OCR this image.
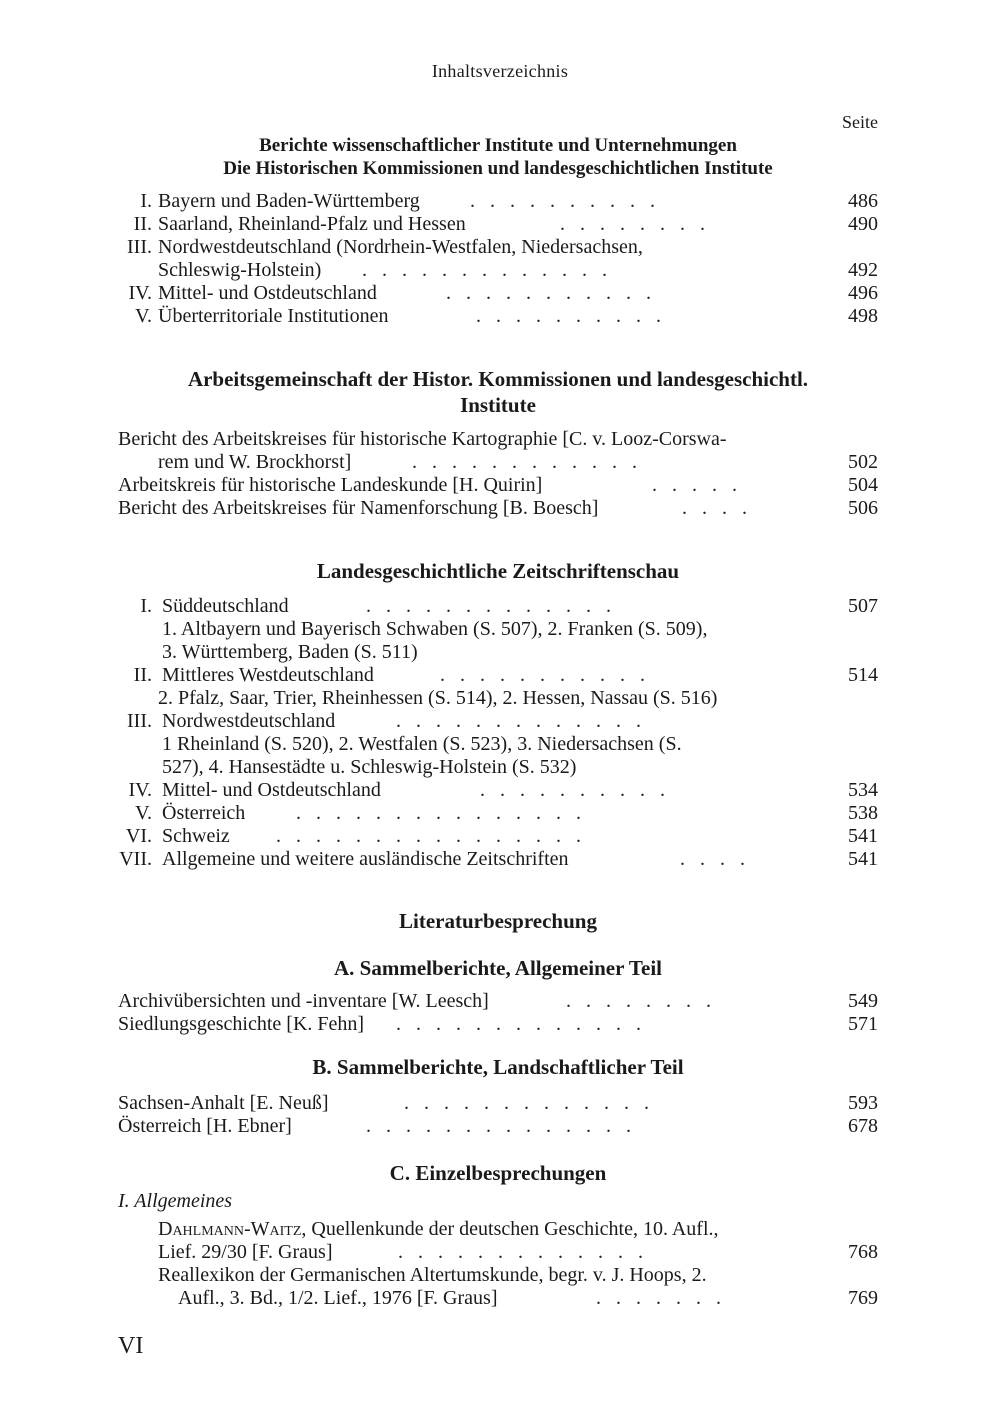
Inhaltsverzeichnis
Seite
Berichte wissenschaftlicher Institute und Unternehmungen
Die Historischen Kommissionen und landesgeschichtlichen Institute
I. Bayern und Baden-Württemberg	.   .   .   .   .   .   .   .   .   .	486
II. Saarland, Rheinland-Pfalz und Hessen	.   .   .   .   .   .   .   .	490
III. Nordwestdeutschland (Nordrhein-Westfalen, Niedersachsen,
Schleswig-Holstein) .   .   .   .   .   .   .   .   .   .   .   .   .	492
IV. Mittel- und Ostdeutschland	.   .   .   .   .   .   .   .   .   .   .	496
V. Überterritoriale Institutionen	.   .   .   .   .   .   .   .   .   .	498
Arbeitsgemeinschaft der Histor. Kommissionen und landesgeschichtl.
Institute
Bericht des Arbeitskreises für historische Kartographie [C. v. Looz-Corswa-
rem und W. Brockhorst]	.   .   .   .   .   .   .   .   .   .   .   .	502
Arbeitskreis für historische Landeskunde [H. Quirin]	.   .   .   .   .	504
Bericht des Arbeitskreises für Namenforschung [B. Boesch]	.   .   .   .	506
Landesgeschichtliche Zeitschriftenschau
I. Süddeutschland	.   .   .   .   .   .   .   .   .   .   .   .   .	507
1. Altbayern und Bayerisch Schwaben (S. 507), 2. Franken (S. 509),
3. Württemberg, Baden (S. 511)
II. Mittleres Westdeutschland	.   .   .   .   .   .   .   .   .   .   .	514
2. Pfalz, Saar, Trier, Rheinhessen (S. 514), 2. Hessen, Nassau (S. 516)
III. Nordwestdeutschland	.   .   .   .   .   .   .   .   .   .   .   .   .
1 Rheinland (S. 520), 2. Westfalen (S. 523), 3. Niedersachsen (S.
527), 4. Hansestädte u. Schleswig-Holstein (S. 532)
IV. Mittel- und Ostdeutschland	.   .   .   .   .   .   .   .   .   .	534
V. Österreich	.   .   .   .   .   .   .   .   .   .   .   .   .   .   .	538
VI. Schweiz .   .   .   .   .   .   .   .   .   .   .   .   .   .   .   .	541
VII. Allgemeine und weitere ausländische Zeitschriften	.   .   .   .	541
Literaturbesprechung
A. Sammelberichte, Allgemeiner Teil
Archivübersichten und -inventare [W. Leesch]	.   .   .   .   .   .   .   .	549
Siedlungsgeschichte [K. Fehn] .   .   .   .   .   .   .   .   .   .   .   .   .	571
B. Sammelberichte, Landschaftlicher Teil
Sachsen-Anhalt [E. Neuß]	.   .   .   .   .   .   .   .   .   .   .   .   .	593
Österreich [H. Ebner]	.   .   .   .   .   .   .   .   .   .   .   .   .   .	678
C. Einzelbesprechungen
I. Allgemeines
Dahlmann-Waitz, Quellenkunde der deutschen Geschichte, 10. Aufl.,
Lief. 29/30 [F. Graus]	.   .   .   .   .   .   .   .   .   .   .   .   .	768
Reallexikon der Germanischen Altertumskunde, begr. v. J. Hoops, 2.
Aufl., 3. Bd., 1/2. Lief., 1976 [F. Graus]	.   .   .   .   .   .   .	769
VI
